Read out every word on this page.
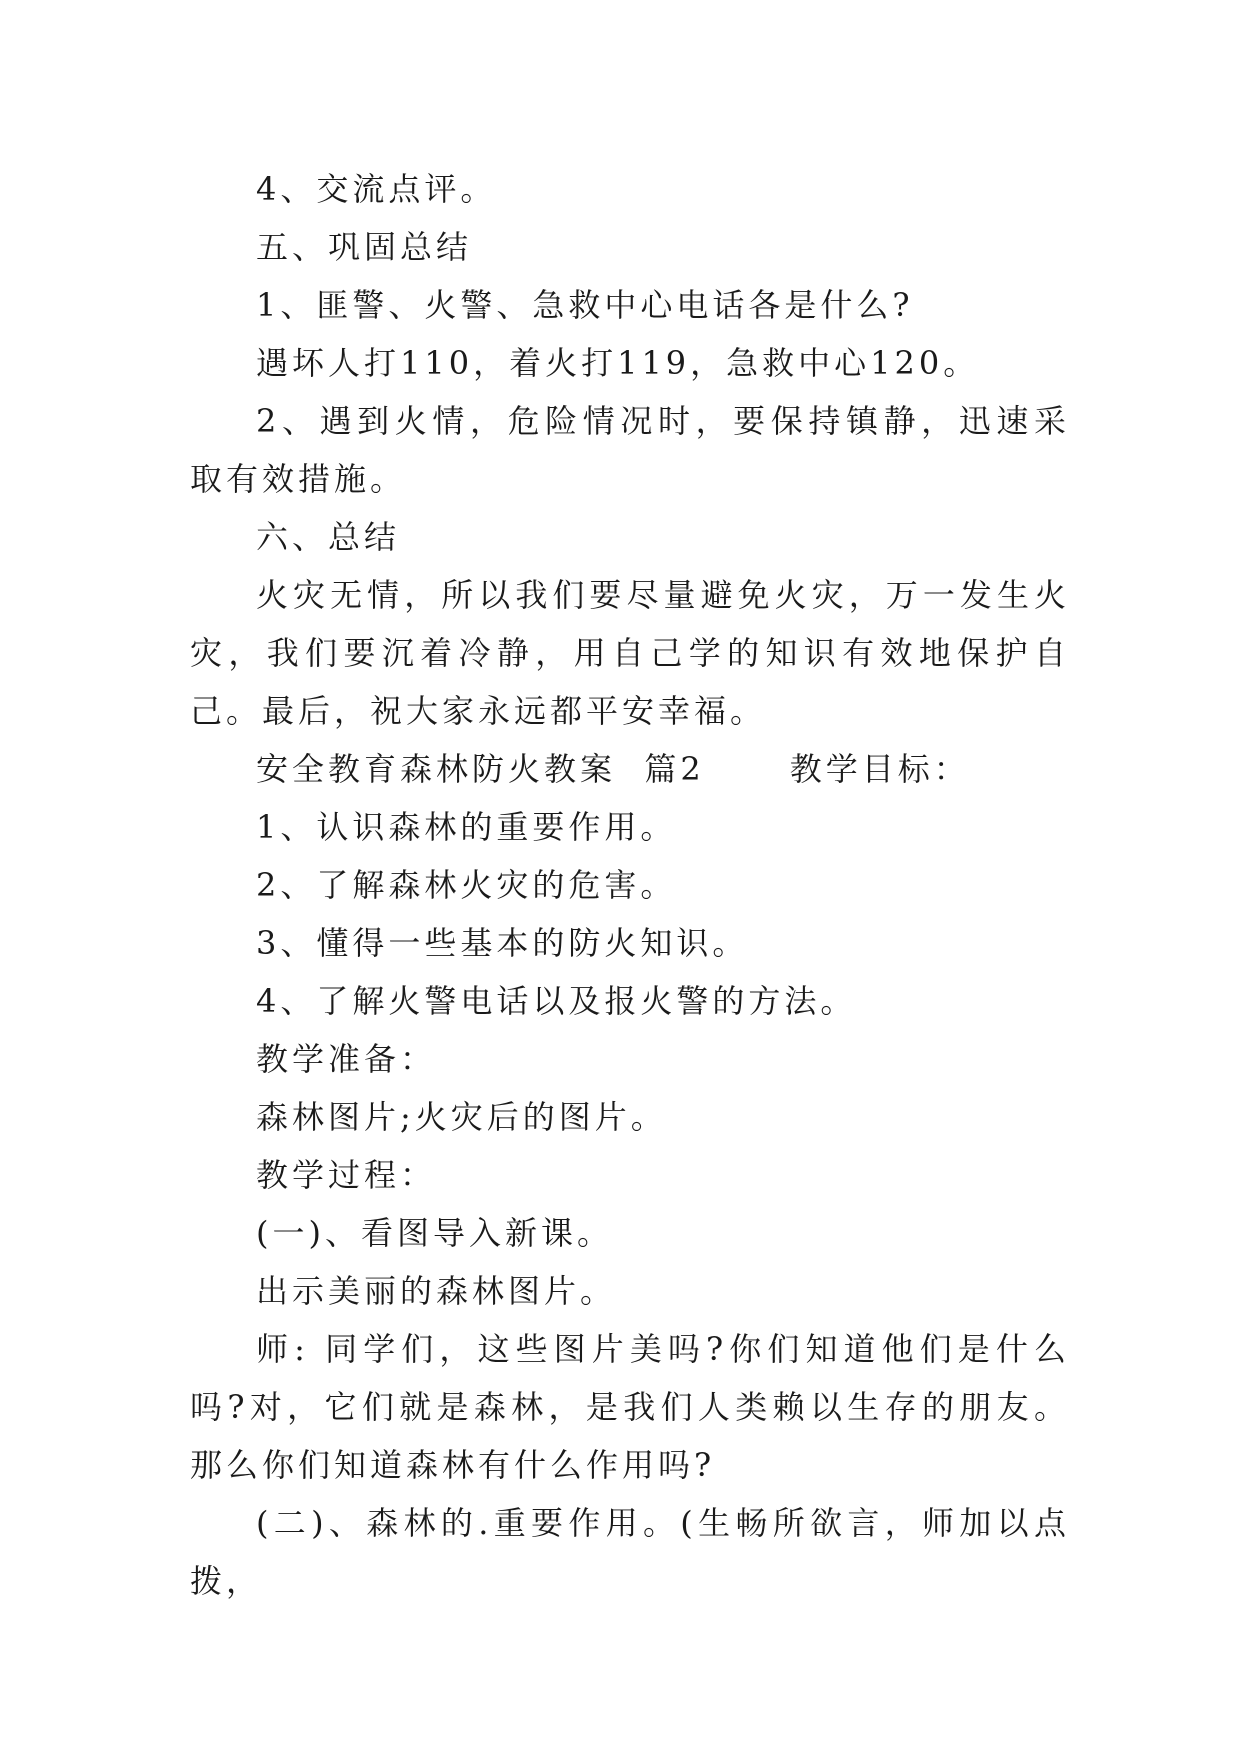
4、交流点评。

五、巩固总结

1、匪警、火警、急救中心电话各是什么?

遇坏人打110，着火打119，急救中心120。

2、遇到火情，危险情况时，要保持镇静，迅速采取有效措施。

六、总结

火灾无情，所以我们要尽量避免火灾，万一发生火灾，我们要沉着冷静，用自己学的知识有效地保护自己。最后，祝大家永远都平安幸福。

安全教育森林防火教案  篇2      教学目标：

1、认识森林的重要作用。

2、了解森林火灾的危害。

3、懂得一些基本的防火知识。

4、了解火警电话以及报火警的方法。

教学准备：

森林图片;火灾后的图片。

教学过程：

(一)、看图导入新课。

出示美丽的森林图片。

师: 同学们，这些图片美吗?你们知道他们是什么吗?对，它们就是森林，是我们人类赖以生存的朋友。那么你们知道森林有什么作用吗?

(二)、森林的.重要作用。(生畅所欲言，师加以点拨，
